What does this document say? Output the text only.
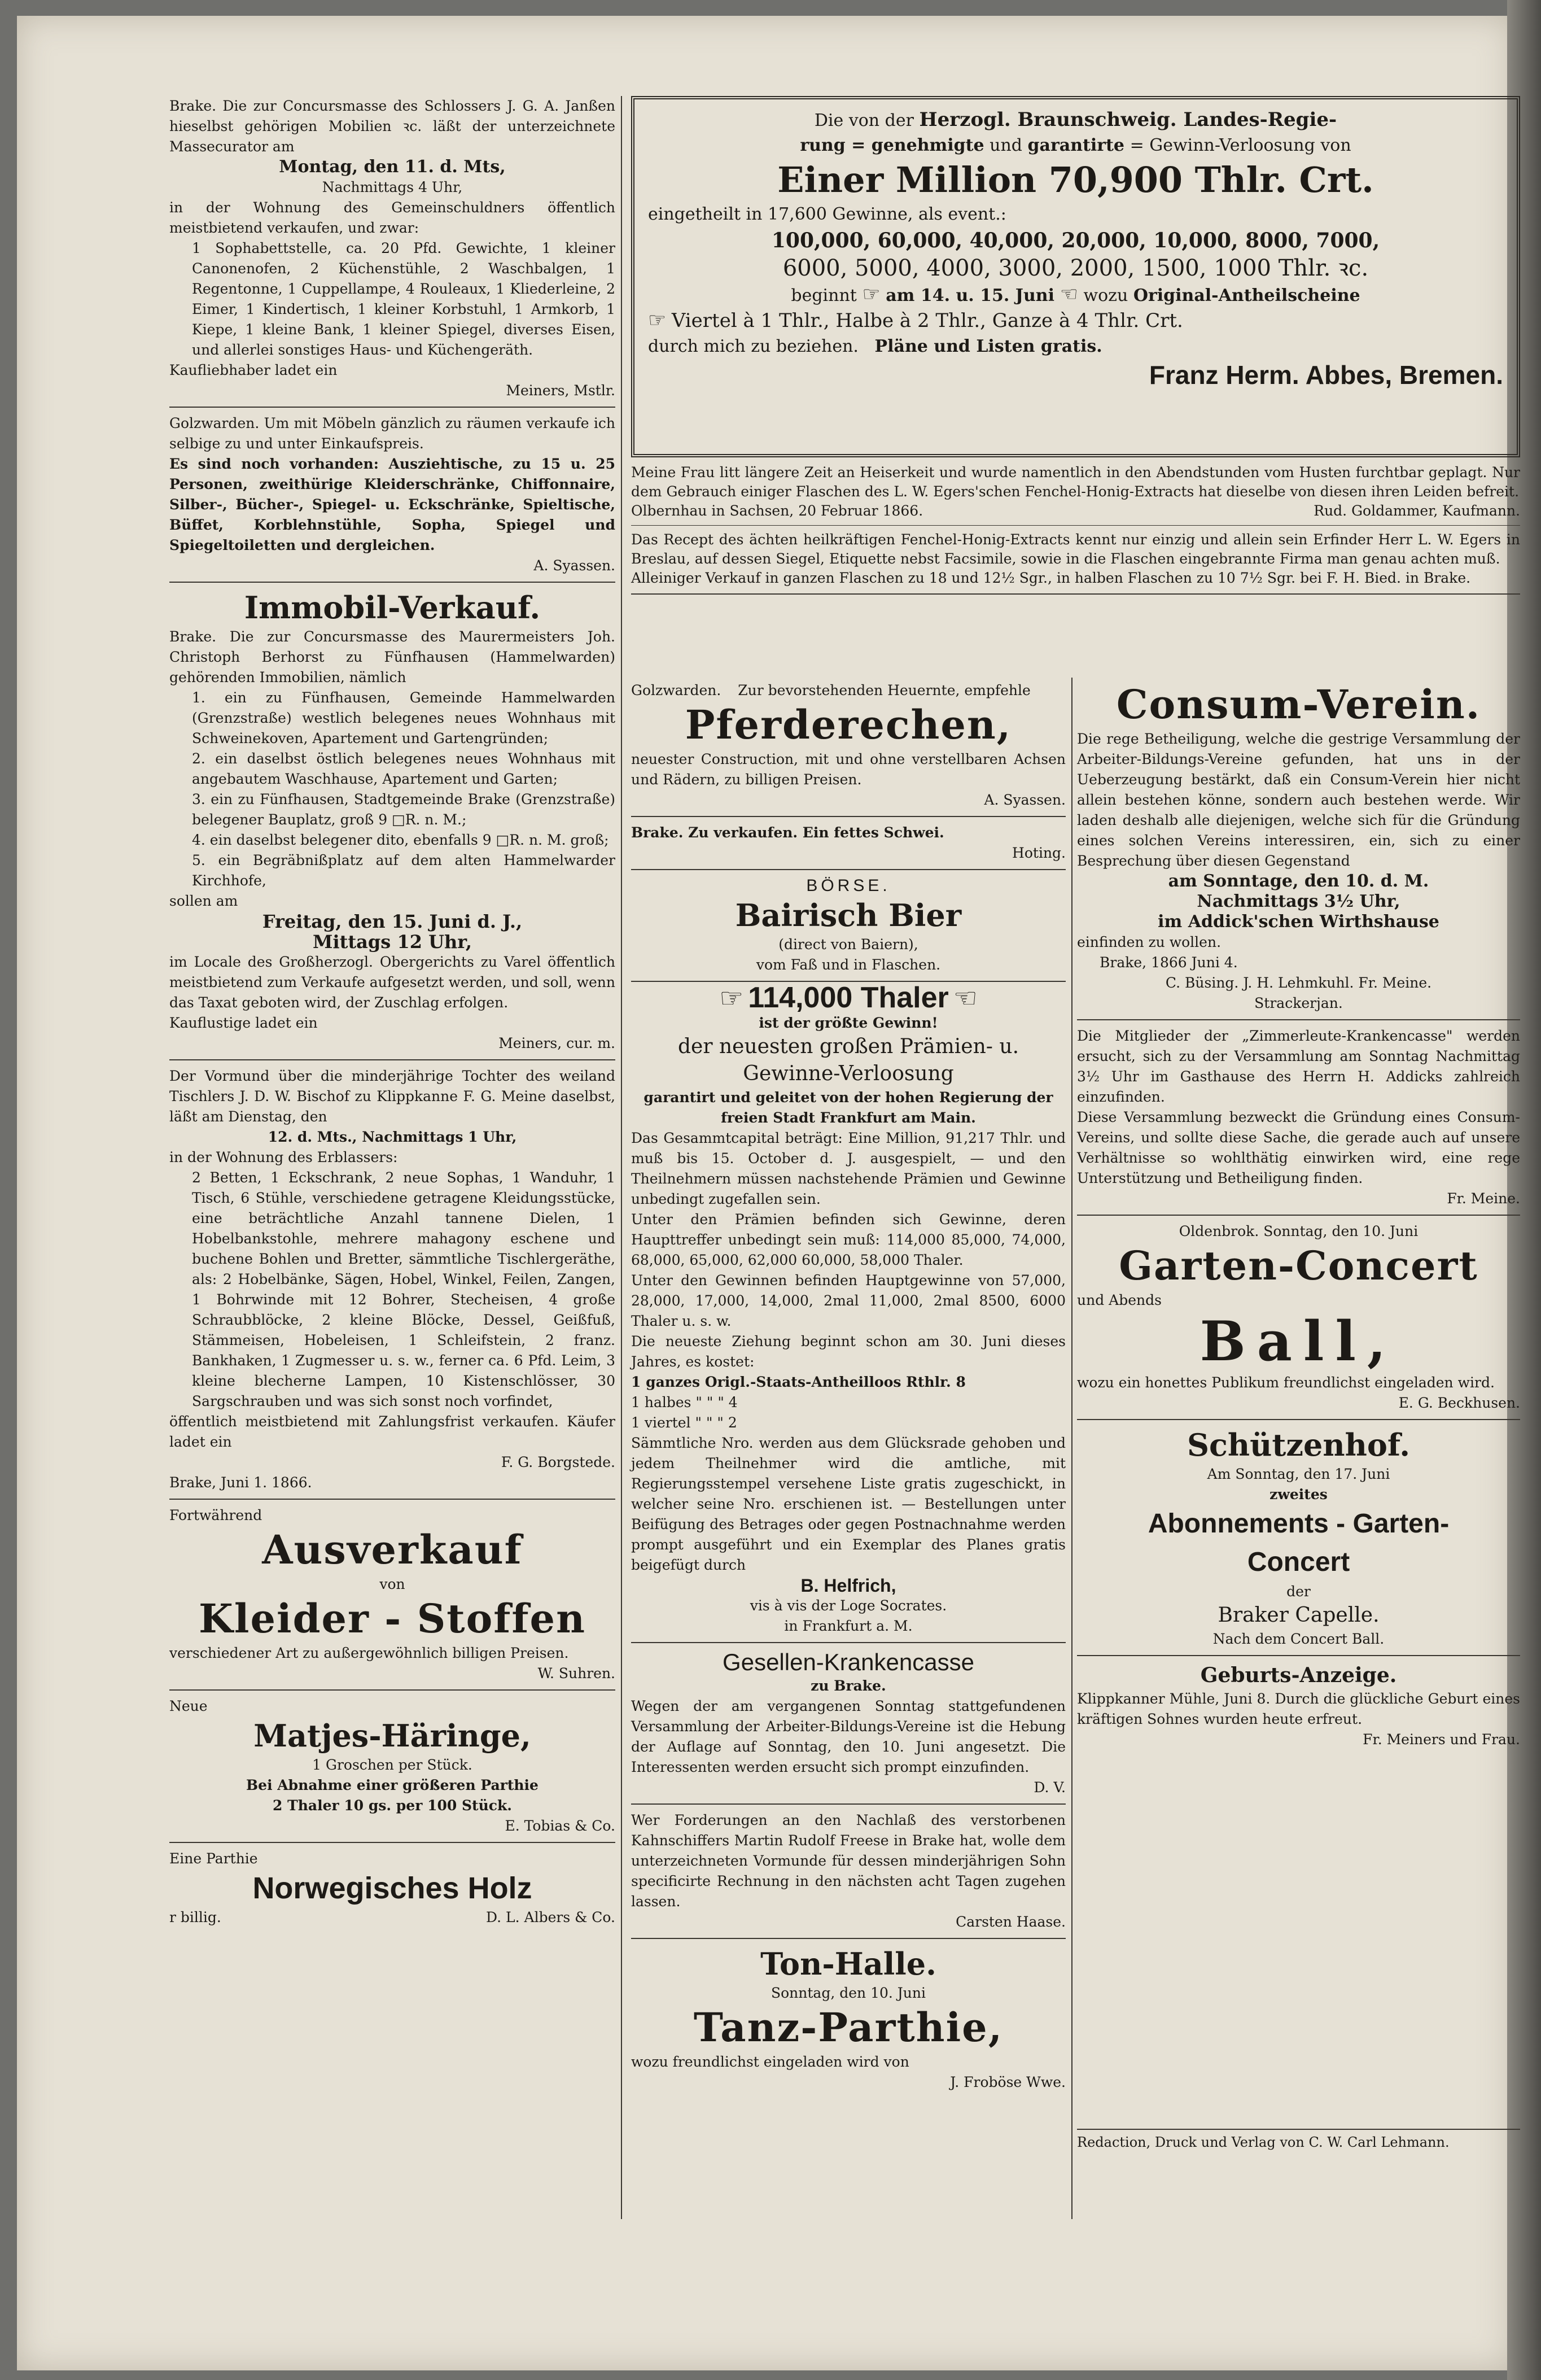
Brake. Die zur Concursmasse des Schlossers J. G. A. Janßen hieselbst gehörigen Mobilien ꝛc. läßt der unterzeichnete Massecurator am

Montag, den 11. d. Mts,

Nachmittags 4 Uhr,

in der Wohnung des Gemeinschuldners öffentlich meistbietend verkaufen, und zwar:

1 Sophabettstelle, ca. 20 Pfd. Gewichte, 1 kleiner Canonenofen, 2 Küchenstühle, 2 Waschbalgen, 1 Regentonne, 1 Cuppellampe, 4 Rouleaux, 1 Kliederleine, 2 Eimer, 1 Kindertisch, 1 kleiner Korbstuhl, 1 Armkorb, 1 Kiepe, 1 kleine Bank, 1 kleiner Spiegel, diverses Eisen, und allerlei sonstiges Haus- und Küchengeräth.

Kaufliebhaber ladet ein

Meiners, Mstlr.

Golzwarden. Um mit Möbeln gänzlich zu räumen verkaufe ich selbige zu und unter Einkaufspreis.

Es sind noch vorhanden: Ausziehtische, zu 15 u. 25 Personen, zweithürige Kleiderschränke, Chiffonnaire, Silber-, Bücher-, Spiegel- u. Eckschränke, Spieltische, Büffet, Korblehnstühle, Sopha, Spiegel und Spiegeltoiletten und dergleichen.

A. Syassen.

Immobil-Verkauf.

Brake. Die zur Concursmasse des Maurermeisters Joh. Christoph Berhorst zu Fünfhausen (Hammelwarden) gehörenden Immobilien, nämlich

1. ein zu Fünfhausen, Gemeinde Hammelwarden (Grenzstraße) westlich belegenes neues Wohnhaus mit Schweinekoven, Apartement und Gartengründen;

2. ein daselbst östlich belegenes neues Wohnhaus mit angebautem Waschhause, Apartement und Garten;

3. ein zu Fünfhausen, Stadtgemeinde Brake (Grenzstraße) belegener Bauplatz, groß 9 □R. n. M.;

4. ein daselbst belegener dito, ebenfalls 9 □R. n. M. groß;

5. ein Begräbnißplatz auf dem alten Hammelwarder Kirchhofe,

sollen am

Freitag, den 15. Juni d. J.,

Mittags 12 Uhr,

im Locale des Großherzogl. Obergerichts zu Varel öffentlich meistbietend zum Verkaufe aufgesetzt werden, und soll, wenn das Taxat geboten wird, der Zuschlag erfolgen.

Kauflustige ladet ein

Meiners, cur. m.

Der Vormund über die minderjährige Tochter des weiland Tischlers J. D. W. Bischof zu Klippkanne F. G. Meine daselbst, läßt am Dienstag, den

12. d. Mts., Nachmittags 1 Uhr,

in der Wohnung des Erblassers:

2 Betten, 1 Eckschrank, 2 neue Sophas, 1 Wanduhr, 1 Tisch, 6 Stühle, verschiedene getragene Kleidungsstücke, eine beträchtliche Anzahl tannene Dielen, 1 Hobelbankstohle, mehrere mahagony eschene und buchene Bohlen und Bretter, sämmtliche Tischlergeräthe, als: 2 Hobelbänke, Sägen, Hobel, Winkel, Feilen, Zangen, 1 Bohrwinde mit 12 Bohrer, Stecheisen, 4 große Schraubblöcke, 2 kleine Blöcke, Dessel, Geißfuß, Stämmeisen, Hobeleisen, 1 Schleifstein, 2 franz. Bankhaken, 1 Zugmesser u. s. w., ferner ca. 6 Pfd. Leim, 3 kleine blecherne Lampen, 10 Kistenschlösser, 30 Sargschrauben und was sich sonst noch vorfindet,

öffentlich meistbietend mit Zahlungsfrist verkaufen. Käufer ladet ein

F. G. Borgstede.

Brake, Juni 1. 1866.

Fortwährend

Ausverkauf

von

Kleider - Stoffen

verschiedener Art zu außergewöhnlich billigen Preisen.

W. Suhren.

Neue

Matjes-Häringe,

1 Groschen per Stück.

Bei Abnahme einer größeren Parthie

2 Thaler 10 gs. per 100 Stück.

E. Tobias & Co.

Eine Parthie

Norwegisches Holz
r billig.	D. L. Albers & Co.
Die von der Herzogl. Braunschweig. Landes-Regie-
rung = genehmigte und garantirte = Gewinn-Verloosung von
Einer Million 70,900 Thlr. Crt.
eingetheilt in 17,600 Gewinne, als event.:
100,000, 60,000, 40,000, 20,000, 10,000, 8000, 7000,
6000, 5000, 4000, 3000, 2000, 1500, 1000 Thlr. ꝛc.
beginnt ☞ am 14. u. 15. Juni ☜ wozu Original-Antheilscheine
☞ Viertel à 1 Thlr., Halbe à 2 Thlr., Ganze à 4 Thlr. Crt.
durch mich zu beziehen. Pläne und Listen gratis.
Franz Herm. Abbes, Bremen.

Meine Frau litt längere Zeit an Heiserkeit und wurde namentlich in den Abendstunden vom Husten furchtbar geplagt. Nur dem Gebrauch einiger Flaschen des L. W. Egers'schen Fenchel-Honig-Extracts hat dieselbe von diesen ihren Leiden befreit.

Olbernhau in Sachsen, 20 Februar 1866.	Rud. Goldammer, Kaufmann.

Das Recept des ächten heilkräftigen Fenchel-Honig-Extracts kennt nur einzig und allein sein Erfinder Herr L. W. Egers in Breslau, auf dessen Siegel, Etiquette nebst Facsimile, sowie in die Flaschen eingebrannte Firma man genau achten muß.

Alleiniger Verkauf in ganzen Flaschen zu 18 und 12½ Sgr., in halben Flaschen zu 10 7½ Sgr. bei F. H. Bied. in Brake.

Golzwarden. Zur bevorstehenden Heuernte, empfehle
Pferderechen,

neuester Construction, mit und ohne verstellbaren Achsen und Rädern, zu billigen Preisen.

A. Syassen.

Brake. Zu verkaufen. Ein fettes Schwei.

Hoting.

BÖRSE.
Bairisch Bier

(direct von Baiern),

vom Faß und in Flaschen.

☞ 114,000 Thaler ☜

ist der größte Gewinn!

der neuesten großen Prämien- u.
Gewinne-Verloosung

garantirt und geleitet von der hohen Regierung der freien Stadt Frankfurt am Main.

Das Gesammtcapital beträgt: Eine Million, 91,217 Thlr. und muß bis 15. October d. J. ausgespielt, — und den Theilnehmern müssen nachstehende Prämien und Gewinne unbedingt zugefallen sein.

Unter den Prämien befinden sich Gewinne, deren Haupttreffer unbedingt sein muß: 114,000 85,000, 74,000, 68,000, 65,000, 62,000 60,000, 58,000 Thaler.

Unter den Gewinnen befinden Hauptgewinne von 57,000, 28,000, 17,000, 14,000, 2mal 11,000, 2mal 8500, 6000 Thaler u. s. w.

Die neueste Ziehung beginnt schon am 30. Juni dieses Jahres, es kostet:

1 ganzes Origl.-Staats-Antheilloos Rthlr. 8

1 halbes " " " 4

1 viertel " " " 2

Sämmtliche Nro. werden aus dem Glücksrade gehoben und jedem Theilnehmer wird die amtliche, mit Regierungsstempel versehene Liste gratis zugeschickt, in welcher seine Nro. erschienen ist. — Bestellungen unter Beifügung des Betrages oder gegen Postnachnahme werden prompt ausgeführt und ein Exemplar des Planes gratis beigefügt durch

B. Helfrich,

vis à vis der Loge Socrates.

in Frankfurt a. M.

Gesellen-Krankencasse

zu Brake.

Wegen der am vergangenen Sonntag stattgefundenen Versammlung der Arbeiter-Bildungs-Vereine ist die Hebung der Auflage auf Sonntag, den 10. Juni angesetzt. Die Interessenten werden ersucht sich prompt einzufinden.

D. V.

Wer Forderungen an den Nachlaß des verstorbenen Kahnschiffers Martin Rudolf Freese in Brake hat, wolle dem unterzeichneten Vormunde für dessen minderjährigen Sohn specificirte Rechnung in den nächsten acht Tagen zugehen lassen.

Carsten Haase.

Ton-Halle.

Sonntag, den 10. Juni

Tanz-Parthie,

wozu freundlichst eingeladen wird von

J. Froböse Wwe.

Consum-Verein.

Die rege Betheiligung, welche die gestrige Versammlung der Arbeiter-Bildungs-Vereine gefunden, hat uns in der Ueberzeugung bestärkt, daß ein Consum-Verein hier nicht allein bestehen könne, sondern auch bestehen werde. Wir laden deshalb alle diejenigen, welche sich für die Gründung eines solchen Vereins interessiren, ein, sich zu einer Besprechung über diesen Gegenstand

am Sonntage, den 10. d. M.

Nachmittags 3½ Uhr,

im Addick'schen Wirthshause

einfinden zu wollen.

Brake, 1866 Juni 4.

C. Büsing. J. H. Lehmkuhl. Fr. Meine.

Strackerjan.

Die Mitglieder der „Zimmerleute-Krankencasse" werden ersucht, sich zu der Versammlung am Sonntag Nachmittag 3½ Uhr im Gasthause des Herrn H. Addicks zahlreich einzufinden.

Diese Versammlung bezweckt die Gründung eines Consum-Vereins, und sollte diese Sache, die gerade auch auf unsere Verhältnisse so wohlthätig einwirken wird, eine rege Unterstützung und Betheiligung finden.

Fr. Meine.

Oldenbrok. Sonntag, den 10. Juni

Garten-Concert

und Abends

Ball,

wozu ein honettes Publikum freundlichst eingeladen wird.

E. G. Beckhusen.

Schützenhof.

Am Sonntag, den 17. Juni

zweites

Abonnements - Garten-
Concert

der

Braker Capelle.

Nach dem Concert Ball.

Geburts-Anzeige.

Klippkanner Mühle, Juni 8. Durch die glückliche Geburt eines kräftigen Sohnes wurden heute erfreut.

Fr. Meiners und Frau.

Redaction, Druck und Verlag von C. W. Carl Lehmann.
